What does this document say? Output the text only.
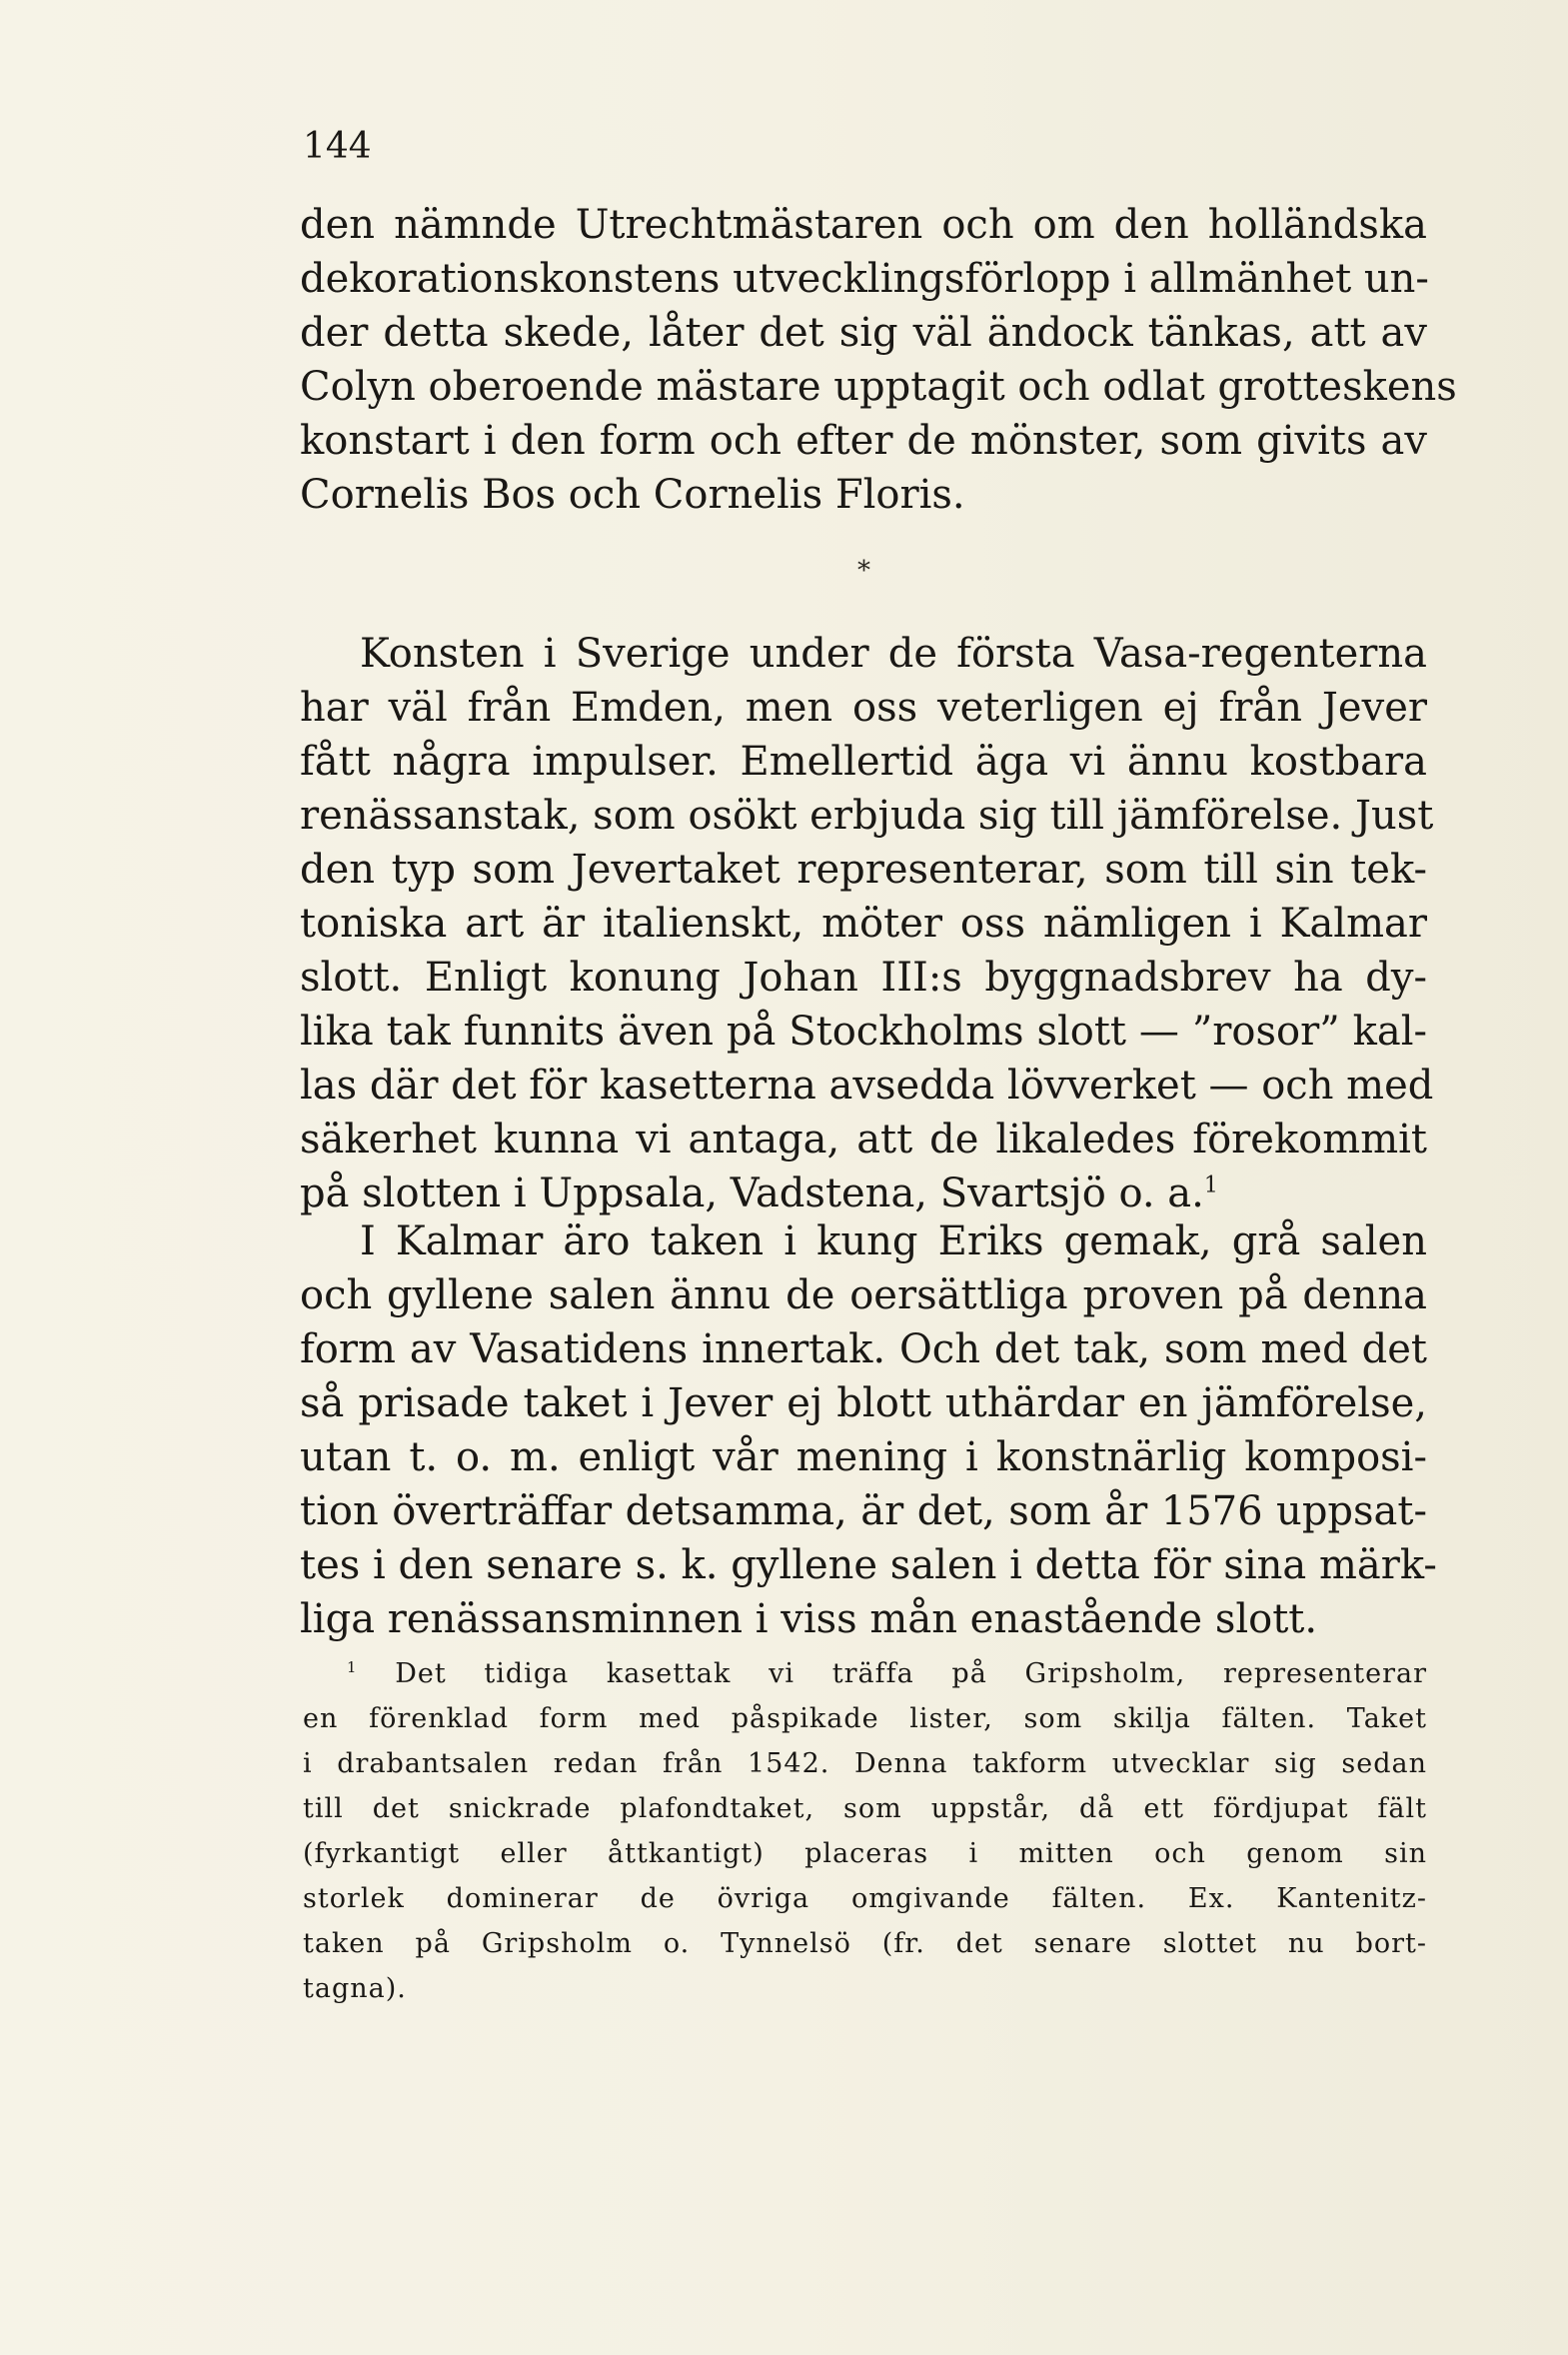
144
den nämnde Utrechtmästaren och om den holländska
dekorationskonstens utvecklingsförlopp i allmänhet un-
der detta skede, låter det sig väl ändock tänkas, att av
Colyn oberoende mästare upptagit och odlat grotteskens
konstart i den form och efter de mönster, som givits av
Cornelis Bos och Cornelis Floris.
*
Konsten i Sverige under de första Vasa-regenterna
har väl från Emden, men oss veterligen ej från Jever
fått några impulser. Emellertid äga vi ännu kostbara
renässanstak, som osökt erbjuda sig till jämförelse. Just
den typ som Jevertaket representerar, som till sin tek-
toniska art är italienskt, möter oss nämligen i Kalmar
slott. Enligt konung Johan III:s byggnadsbrev ha dy-
lika tak funnits även på Stockholms slott — ”rosor” kal-
las där det för kasetterna avsedda lövverket — och med
säkerhet kunna vi antaga, att de likaledes förekommit
på slotten i Uppsala, Vadstena, Svartsjö o. a.$^1$
I Kalmar äro taken i kung Eriks gemak, grå salen
och gyllene salen ännu de oersättliga proven på denna
form av Vasatidens innertak. Och det tak, som med det
så prisade taket i Jever ej blott uthärdar en jämförelse,
utan t. o. m. enligt vår mening i konstnärlig komposi-
tion överträffar detsamma, är det, som år 1576 uppsat-
tes i den senare s. k. gyllene salen i detta för sina märk-
liga renässansminnen i viss mån enastående slott.
$^1$ Det tidiga kasettak vi träffa på Gripsholm, representerar
en förenklad form med påspikade lister, som skilja fälten. Taket
i drabantsalen redan från 1542. Denna takform utvecklar sig sedan
till det snickrade plafondtaket, som uppstår, då ett fördjupat fält
(fyrkantigt eller åttkantigt) placeras i mitten och genom sin
storlek dominerar de övriga omgivande fälten. Ex. Kantenitz-
taken på Gripsholm o. Tynnelsö (fr. det senare slottet nu bort-
tagna).
